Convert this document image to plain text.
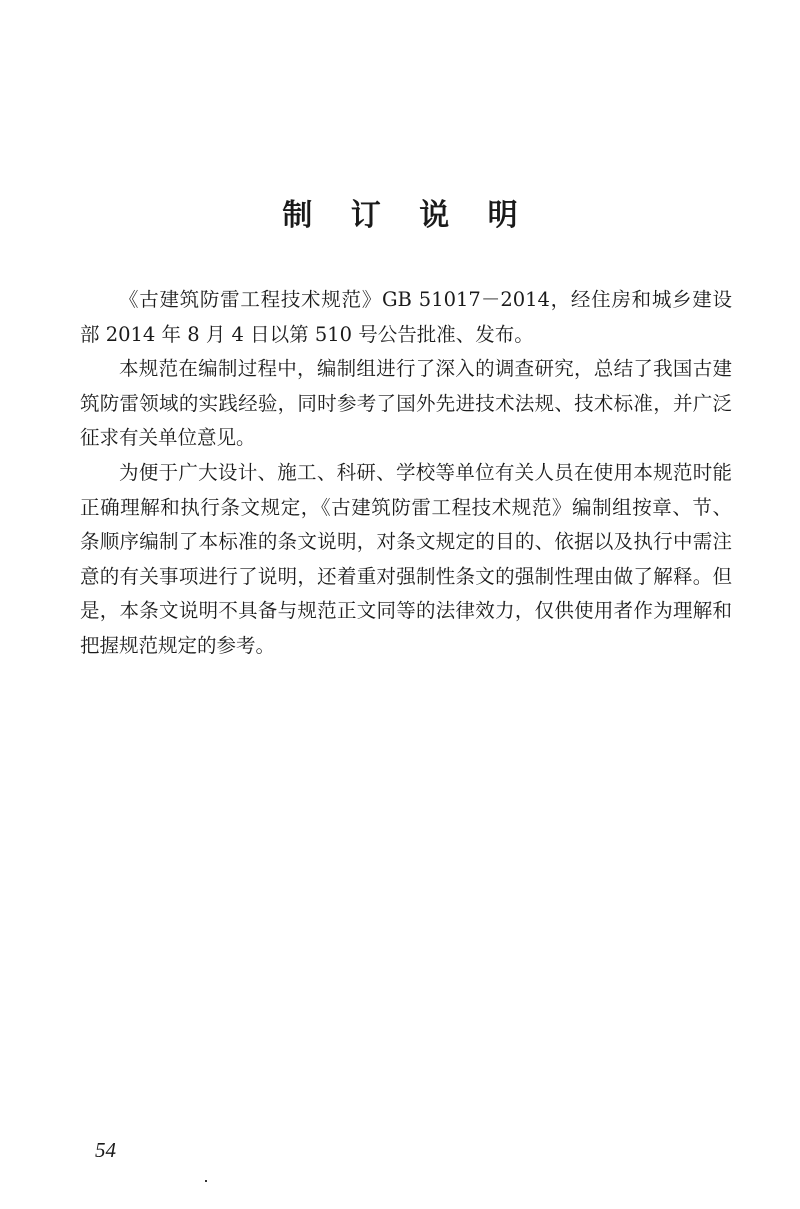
制 订 说 明

《古建筑防雷工程技术规范》GB 51017－2014，经住房和城乡建设部 2014 年 8 月 4 日以第 510 号公告批准、发布。

本规范在编制过程中，编制组进行了深入的调查研究，总结了我国古建筑防雷领域的实践经验，同时参考了国外先进技术法规、技术标准，并广泛征求有关单位意见。

为便于广大设计、施工、科研、学校等单位有关人员在使用本规范时能正确理解和执行条文规定，《古建筑防雷工程技术规范》编制组按章、节、条顺序编制了本标准的条文说明，对条文规定的目的、依据以及执行中需注意的有关事项进行了说明，还着重对强制性条文的强制性理由做了解释。但是，本条文说明不具备与规范正文同等的法律效力，仅供使用者作为理解和把握规范规定的参考。

54
